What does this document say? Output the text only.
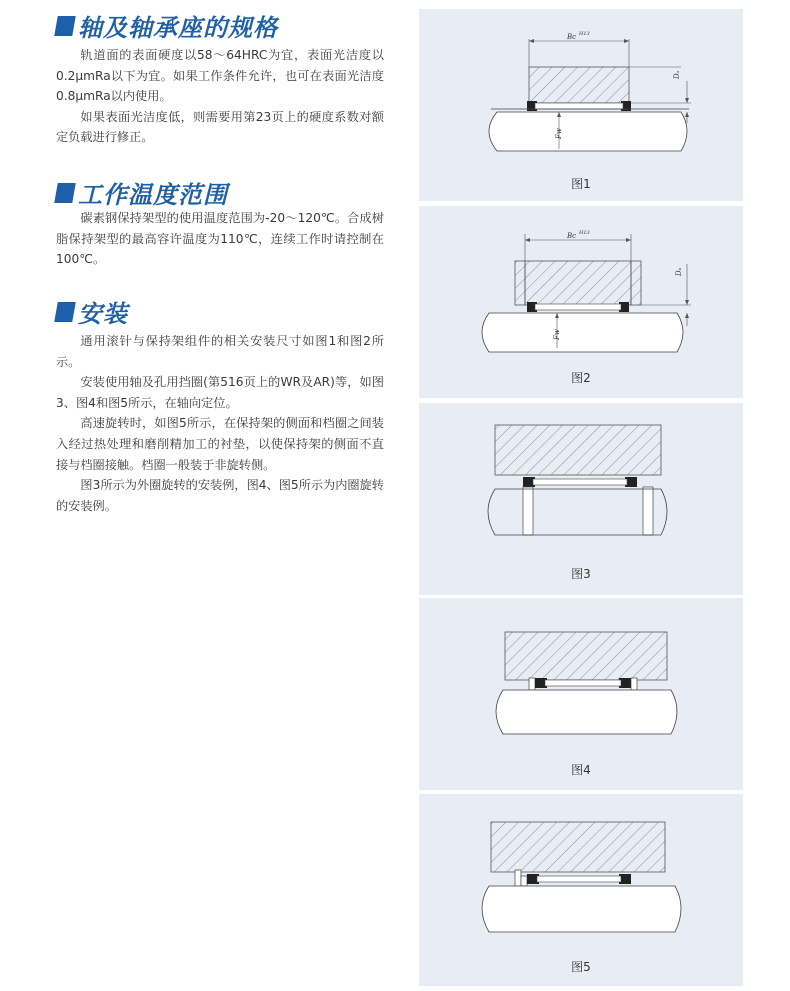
轴及轴承座的规格

轨道面的表面硬度以58～64HRC为宜，表面光洁度以0.2μmRa以下为宜。如果工作条件允许，也可在表面光洁度0.8μmRa以内使用。

如果表面光洁度低，则需要用第23页上的硬度系数对额定负载进行修正。

工作温度范围

碳素钢保持架型的使用温度范围为-20～120℃。合成树脂保持架型的最高容许温度为110℃，连续工作时请控制在100℃。

安装

通用滚针与保持架组件的相关安装尺寸如图1和图2所示。

安装使用轴及孔用挡圈(第516页上的WR及AR)等，如图3、图4和图5所示，在轴向定位。

高速旋转时，如图5所示，在保持架的侧面和档圈之间装入经过热处理和磨削精加工的衬垫，以使保持架的侧面不直接与档圈接触。档圈一般装于非旋转侧。

图3所示为外圈旋转的安装例，图4、图5所示为内圈旋转的安装例。

Bc H13
Fw
Dₐ
图1
Bc H13
Fw
Dₐ
图2
图3
图4
图5
